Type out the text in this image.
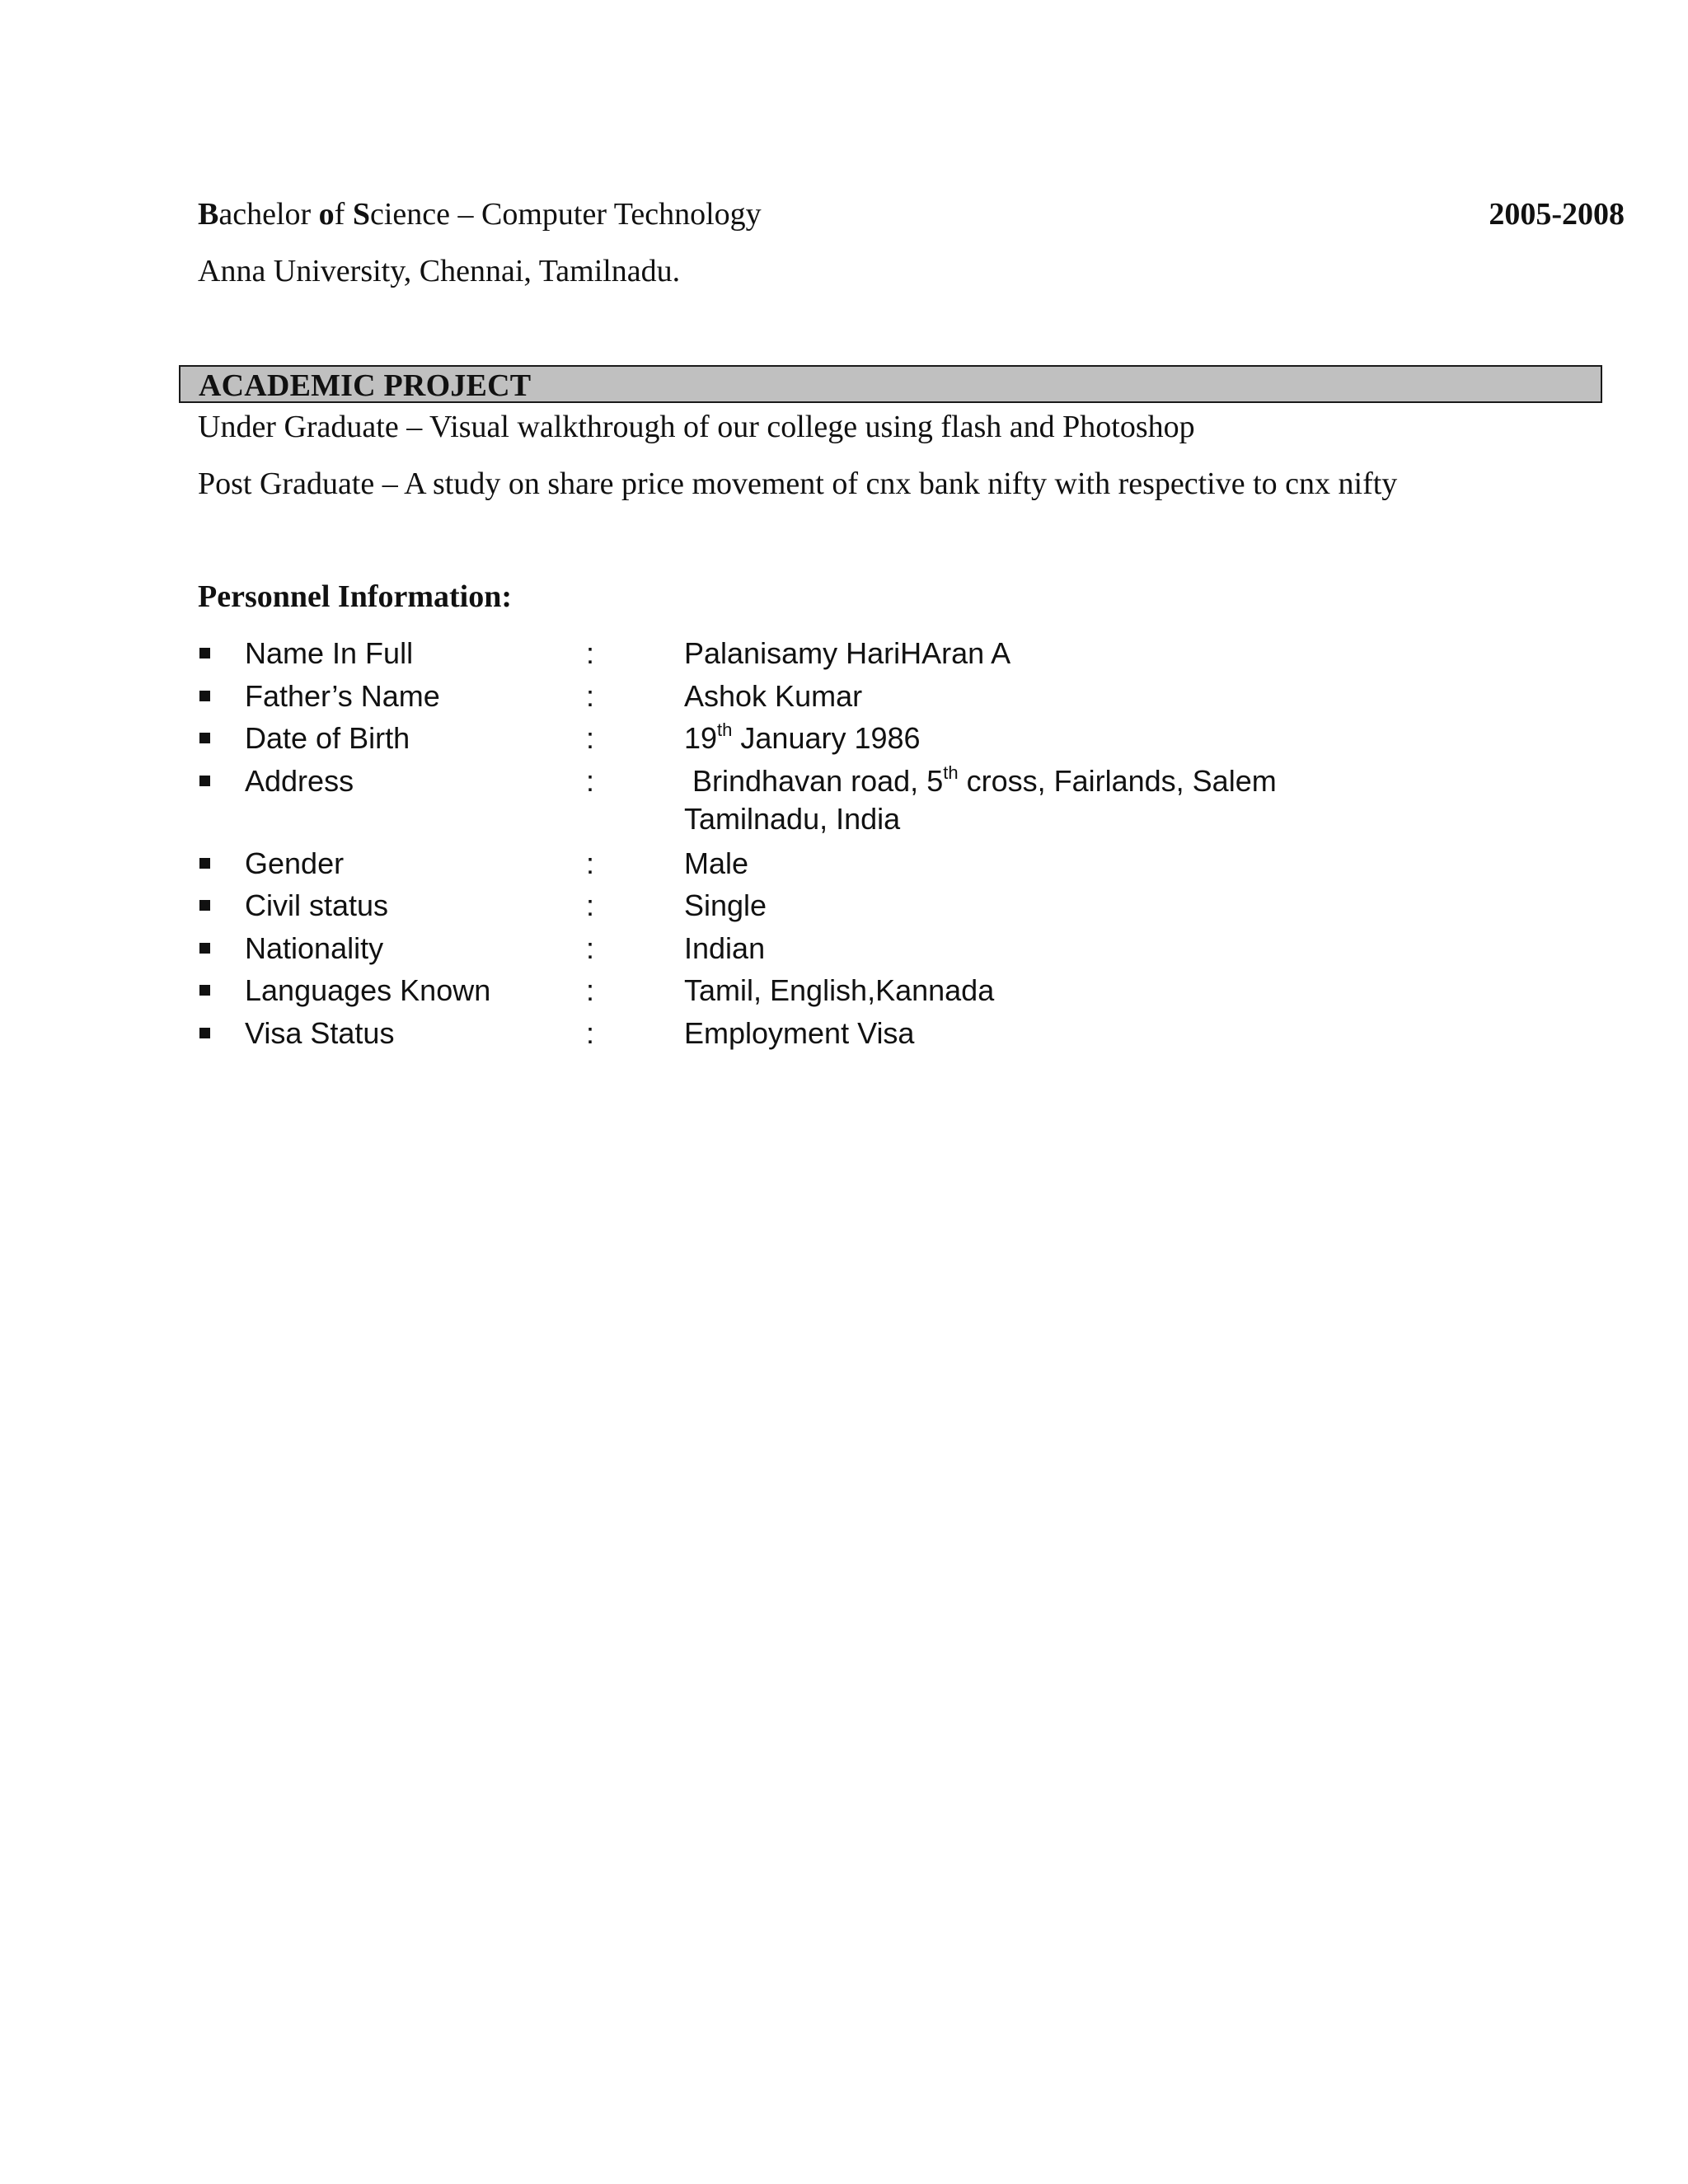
Bachelor of Science – Computer Technology	2005-2008
Anna University, Chennai, Tamilnadu.
ACADEMIC PROJECT
Under Graduate – Visual walkthrough of our college using flash and Photoshop
Post Graduate – A study on share price movement of cnx bank nifty with respective to cnx nifty
Personnel Information:
Name In Full	:	Palanisamy HariHAran A
Father’s Name	:	Ashok Kumar
Date of Birth	:	19th January 1986
Address	:	Brindhavan road, 5th cross, Fairlands, Salem
Tamilnadu, India
Gender	:	Male
Civil status	:	Single
Nationality	:	Indian
Languages Known	:	Tamil, English,Kannada
Visa Status	:	Employment Visa
